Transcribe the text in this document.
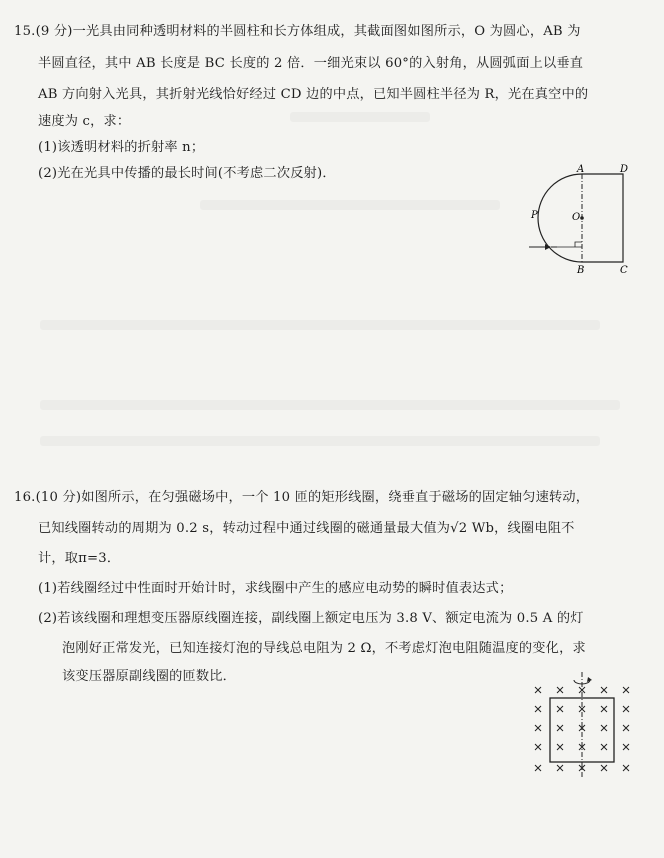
15.(9 分)一光具由同种透明材料的半圆柱和长方体组成，其截面图如图所示，O 为圆心，AB 为
半圆直径，其中 AB 长度是 BC 长度的 2 倍．一细光束以 60°的入射角，从圆弧面上以垂直
AB 方向射入光具，其折射光线恰好经过 CD 边的中点，已知半圆柱半径为 R，光在真空中的
速度为 c，求：
(1)该透明材料的折射率 n；
(2)光在光具中传播的最长时间(不考虑二次反射)．	A	D
O
P
B	C
16.(10 分)如图所示，在匀强磁场中，一个 10 匝的矩形线圈，绕垂直于磁场的固定轴匀速转动，
已知线圈转动的周期为 0.2 s，转动过程中通过线圈的磁通量最大值为√2 Wb，线圈电阻不
计，取π=3．
(1)若线圈经过中性面时开始计时，求线圈中产生的感应电动势的瞬时值表达式；
(2)若该线圈和理想变压器原线圈连接，副线圈上额定电压为 3.8 V、额定电流为 0.5 A 的灯
泡刚好正常发光，已知连接灯泡的导线总电阻为 2 Ω，不考虑灯泡电阻随温度的变化，求
该变压器原副线圈的匝数比．
